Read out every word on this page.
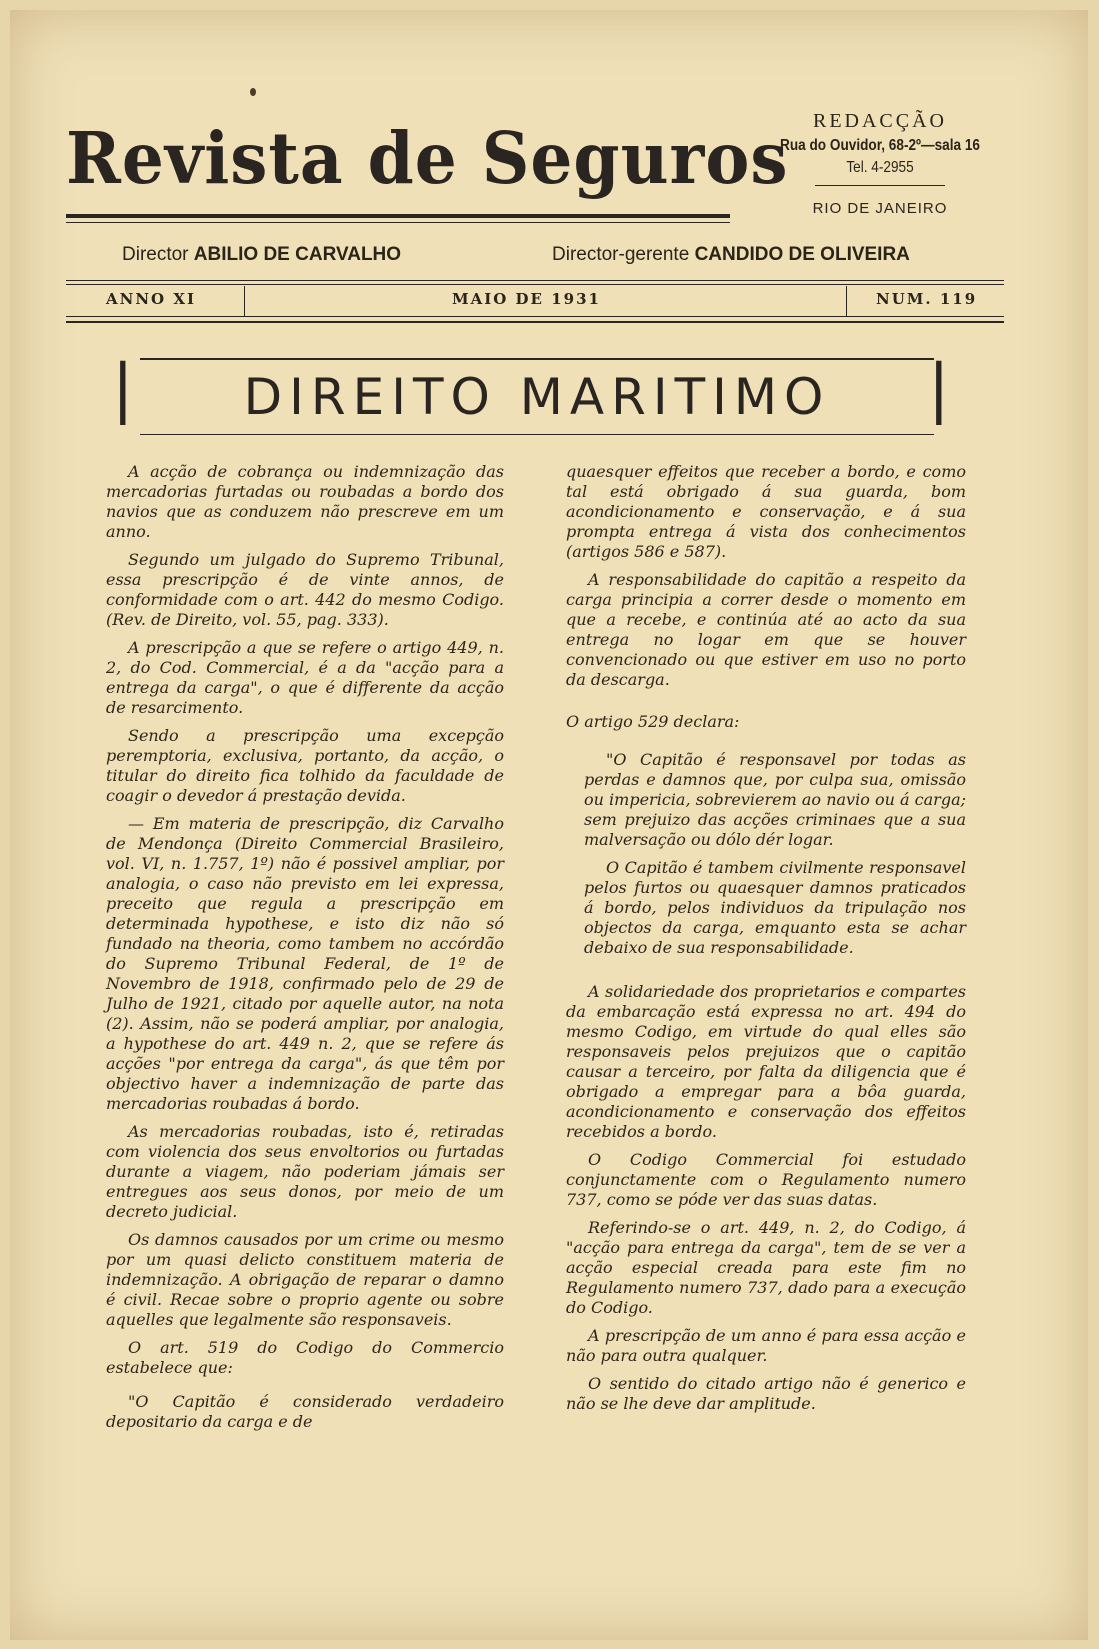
Revista de Seguros	REDACÇÃO
Rua do Ouvidor, 68-2º—sala 16
Tel. 4-2955
RIO DE JANEIRO
Director ABILIO DE CARVALHO	Director-gerente CANDIDO DE OLIVEIRA
ANNO XI	MAIO DE 1931	NUM. 119
|	|
DIREITO MARITIMO

A acção de cobrança ou indemnização das mercadorias furtadas ou roubadas a bordo dos navios que as conduzem não prescreve em um anno.

Segundo um julgado do Supremo Tribunal, essa prescripção é de vinte annos, de conformidade com o art. 442 do mesmo Codigo. (Rev. de Direito, vol. 55, pag. 333).

A prescripção a que se refere o artigo 449, n. 2, do Cod. Commercial, é a da "acção para a entrega da carga", o que é differente da acção de resarcimento.

Sendo a prescripção uma excepção peremptoria, exclusiva, portanto, da acção, o titular do direito fica tolhido da faculdade de coagir o devedor á prestação devida.

— Em materia de prescripção, diz Carvalho de Mendonça (Direito Commercial Brasileiro, vol. VI, n. 1.757, 1º) não é possivel ampliar, por analogia, o caso não previsto em lei expressa, preceito que regula a prescripção em determinada hypothese, e isto diz não só fundado na theoria, como tambem no accórdão do Supremo Tribunal Federal, de 1º de Novembro de 1918, confirmado pelo de 29 de Julho de 1921, citado por aquelle autor, na nota (2). Assim, não se poderá ampliar, por analogia, a hypothese do art. 449 n. 2, que se refere ás acções "por entrega da carga", ás que têm por objectivo haver a indemnização de parte das mercadorias roubadas á bordo.

As mercadorias roubadas, isto é, retiradas com violencia dos seus envoltorios ou furtadas durante a viagem, não poderiam jámais ser entregues aos seus donos, por meio de um decreto judicial.

Os damnos causados por um crime ou mesmo por um quasi delicto constituem materia de indemnização. A obrigação de reparar o damno é civil. Recae sobre o proprio agente ou sobre aquelles que legalmente são responsaveis.

O art. 519 do Codigo do Commercio estabelece que:

"O Capitão é considerado verdadeiro depositario da carga e de

quaesquer effeitos que receber a bordo, e como tal está obrigado á sua guarda, bom acondicionamento e conservação, e á sua prompta entrega á vista dos conhecimentos (artigos 586 e 587).

A responsabilidade do capitão a respeito da carga principia a correr desde o momento em que a recebe, e continúa até ao acto da sua entrega no logar em que se houver convencionado ou que estiver em uso no porto da descarga.

O artigo 529 declara:

"O Capitão é responsavel por todas as perdas e damnos que, por culpa sua, omissão ou impericia, sobrevierem ao navio ou á carga; sem prejuizo das acções criminaes que a sua malversação ou dólo dér logar.

O Capitão é tambem civilmente responsavel pelos furtos ou quaesquer damnos praticados á bordo, pelos individuos da tripulação nos objectos da carga, emquanto esta se achar debaixo de sua responsabilidade.

A solidariedade dos proprietarios e compartes da embarcação está expressa no art. 494 do mesmo Codigo, em virtude do qual elles são responsaveis pelos prejuizos que o capitão causar a terceiro, por falta da diligencia que é obrigado a empregar para a bôa guarda, acondicionamento e conservação dos effeitos recebidos a bordo.

O Codigo Commercial foi estudado conjunctamente com o Regulamento numero 737, como se póde ver das suas datas.

Referindo-se o art. 449, n. 2, do Codigo, á "acção para entrega da carga", tem de se ver a acção especial creada para este fim no Regulamento numero 737, dado para a execução do Codigo.

A prescripção de um anno é para essa acção e não para outra qualquer.

O sentido do citado artigo não é generico e não se lhe deve dar amplitude.
